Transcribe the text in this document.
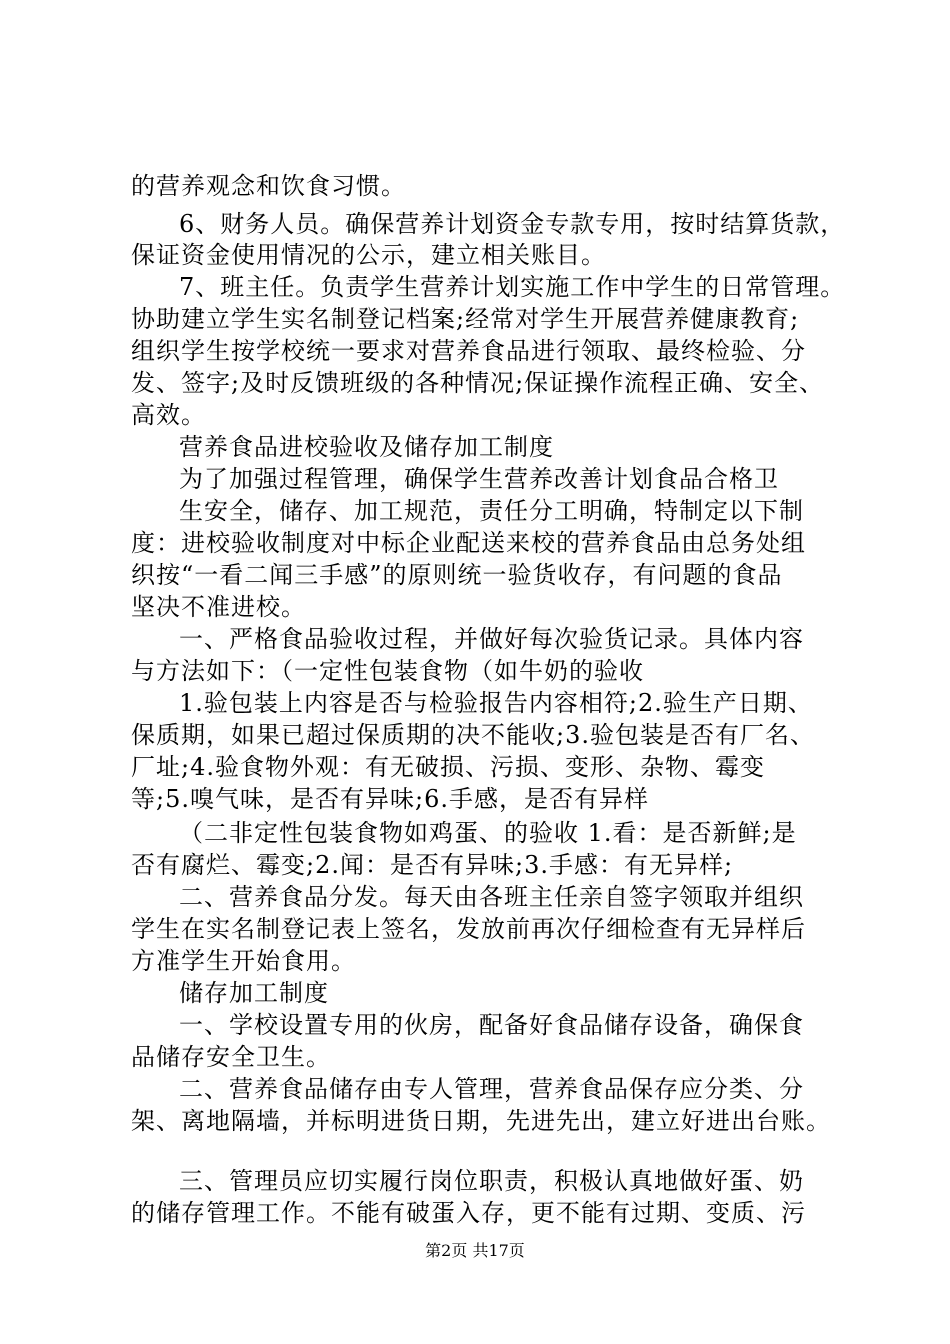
的营养观念和饮食习惯。
6、财务人员。确保营养计划资金专款专用，按时结算货款，
保证资金使用情况的公示，建立相关账目。
7、班主任。负责学生营养计划实施工作中学生的日常管理。
协助建立学生实名制登记档案;经常对学生开展营养健康教育;
组织学生按学校统一要求对营养食品进行领取、最终检验、分
发、签字;及时反馈班级的各种情况;保证操作流程正确、安全、
高效。
营养食品进校验收及储存加工制度
为了加强过程管理，确保学生营养改善计划食品合格卫
生安全，储存、加工规范，责任分工明确，特制定以下制
度：进校验收制度对中标企业配送来校的营养食品由总务处组
织按“一看二闻三手感”的原则统一验货收存，有问题的食品
坚决不准进校。
一、严格食品验收过程，并做好每次验货记录。具体内容
与方法如下：（一定性包装食物（如牛奶的验收
1.验包装上内容是否与检验报告内容相符;2.验生产日期、
保质期，如果已超过保质期的决不能收;3.验包装是否有厂名、
厂址;4.验食物外观：有无破损、污损、变形、杂物、霉变
等;5.嗅气味，是否有异味;6.手感，是否有异样
（二非定性包装食物如鸡蛋、的验收 1.看：是否新鲜;是
否有腐烂、霉变;2.闻：是否有异味;3.手感：有无异样;
二、营养食品分发。每天由各班主任亲自签字领取并组织
学生在实名制登记表上签名，发放前再次仔细检查有无异样后
方准学生开始食用。
储存加工制度
一、学校设置专用的伙房，配备好食品储存设备，确保食
品储存安全卫生。
二、营养食品储存由专人管理，营养食品保存应分类、分
架、离地隔墙，并标明进货日期，先进先出，建立好进出台账。
三、管理员应切实履行岗位职责，积极认真地做好蛋、奶
的储存管理工作。不能有破蛋入存，更不能有过期、变质、污
第2页 共17页
